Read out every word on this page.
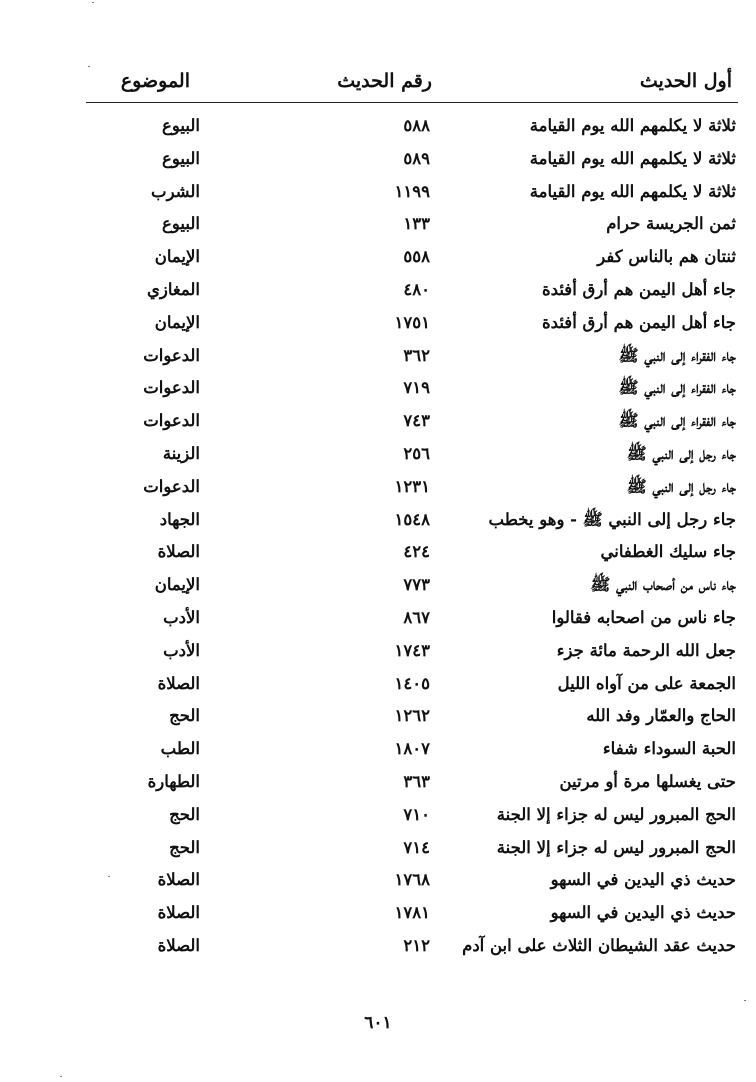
أول الحديث
رقم الحديث
الموضوع
ثلاثة لا يكلمهم الله يوم القيامة
٥٨٨
البيوع
ثلاثة لا يكلمهم الله يوم القيامة
٥٨٩
البيوع
ثلاثة لا يكلمهم الله يوم القيامة
١١٩٩
الشرب
ثمن الجريسة حرام
١٣٣
البيوع
ثنتان هم بالناس كفر
٥٥٨
الإيمان
جاء أهل اليمن هم أرق أفئدة
٤٨٠
المغازي
جاء أهل اليمن هم أرق أفئدة
١٧٥١
الإيمان
جاء الفقراء إلى النبي ﷺ
٣٦٢
الدعوات
جاء الفقراء إلى النبي ﷺ
٧١٩
الدعوات
جاء الفقراء إلى النبي ﷺ
٧٤٣
الدعوات
جاء رجل إلى النبي ﷺ
٢٥٦
الزينة
جاء رجل إلى النبي ﷺ
١٢٣١
الدعوات
جاء رجل إلى النبي ﷺ - وهو يخطب
١٥٤٨
الجهاد
جاء سليك الغطفاني
٤٢٤
الصلاة
جاء ناس من أصحاب النبي ﷺ
٧٧٣
الإيمان
جاء ناس من اصحابه فقالوا
٨٦٧
الأدب
جعل الله الرحمة مائة جزء
١٧٤٣
الأدب
الجمعة على من آواه الليل
١٤٠٥
الصلاة
الحاج والعمّار وفد الله
١٢٦٢
الحج
الحبة السوداء شفاء
١٨٠٧
الطب
حتى يغسلها مرة أو مرتين
٣٦٣
الطهارة
الحج المبرور ليس له جزاء إلا الجنة
٧١٠
الحج
الحج المبرور ليس له جزاء إلا الجنة
٧١٤
الحج
حديث ذي اليدين في السهو
١٧٦٨
الصلاة
حديث ذي اليدين في السهو
١٧٨١
الصلاة
حديث عقد الشيطان الثلاث على ابن آدم
٢١٢
الصلاة
٦٠١
